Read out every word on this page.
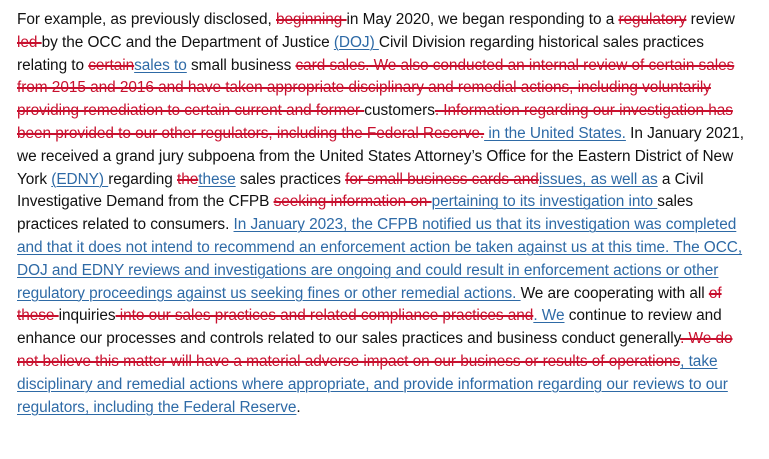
For example, as previously disclosed, beginning in May 2020, we began responding to a regulatory review led by the OCC and the Department of Justice (DOJ) Civil Division regarding historical sales practices relating to certainsales to small business card sales. We also conducted an internal review of certain sales from 2015 and 2016 and have taken appropriate disciplinary and remedial actions, including voluntarily providing remediation to certain current and former customers. Information regarding our investigation has been provided to our other regulators, including the Federal Reserve. in the United States. In January 2021, we received a grand jury subpoena from the United States Attorney’s Office for the Eastern District of New York (EDNY) regarding thethese sales practices for small business cards andissues, as well as a Civil Investigative Demand from the CFPB seeking information on pertaining to its investigation into sales practices related to consumers. In January 2023, the CFPB notified us that its investigation was completed and that it does not intend to recommend an enforcement action be taken against us at this time. The OCC, DOJ and EDNY reviews and investigations are ongoing and could result in enforcement actions or other regulatory proceedings against us seeking fines or other remedial actions. We are cooperating with all of these inquiries into our sales practices and related compliance practices and. We continue to review and enhance our processes and controls related to our sales practices and business conduct generally. We do not believe this matter will have a material adverse impact on our business or results of operations, take disciplinary and remedial actions where appropriate, and provide information regarding our reviews to our regulators, including the Federal Reserve.
